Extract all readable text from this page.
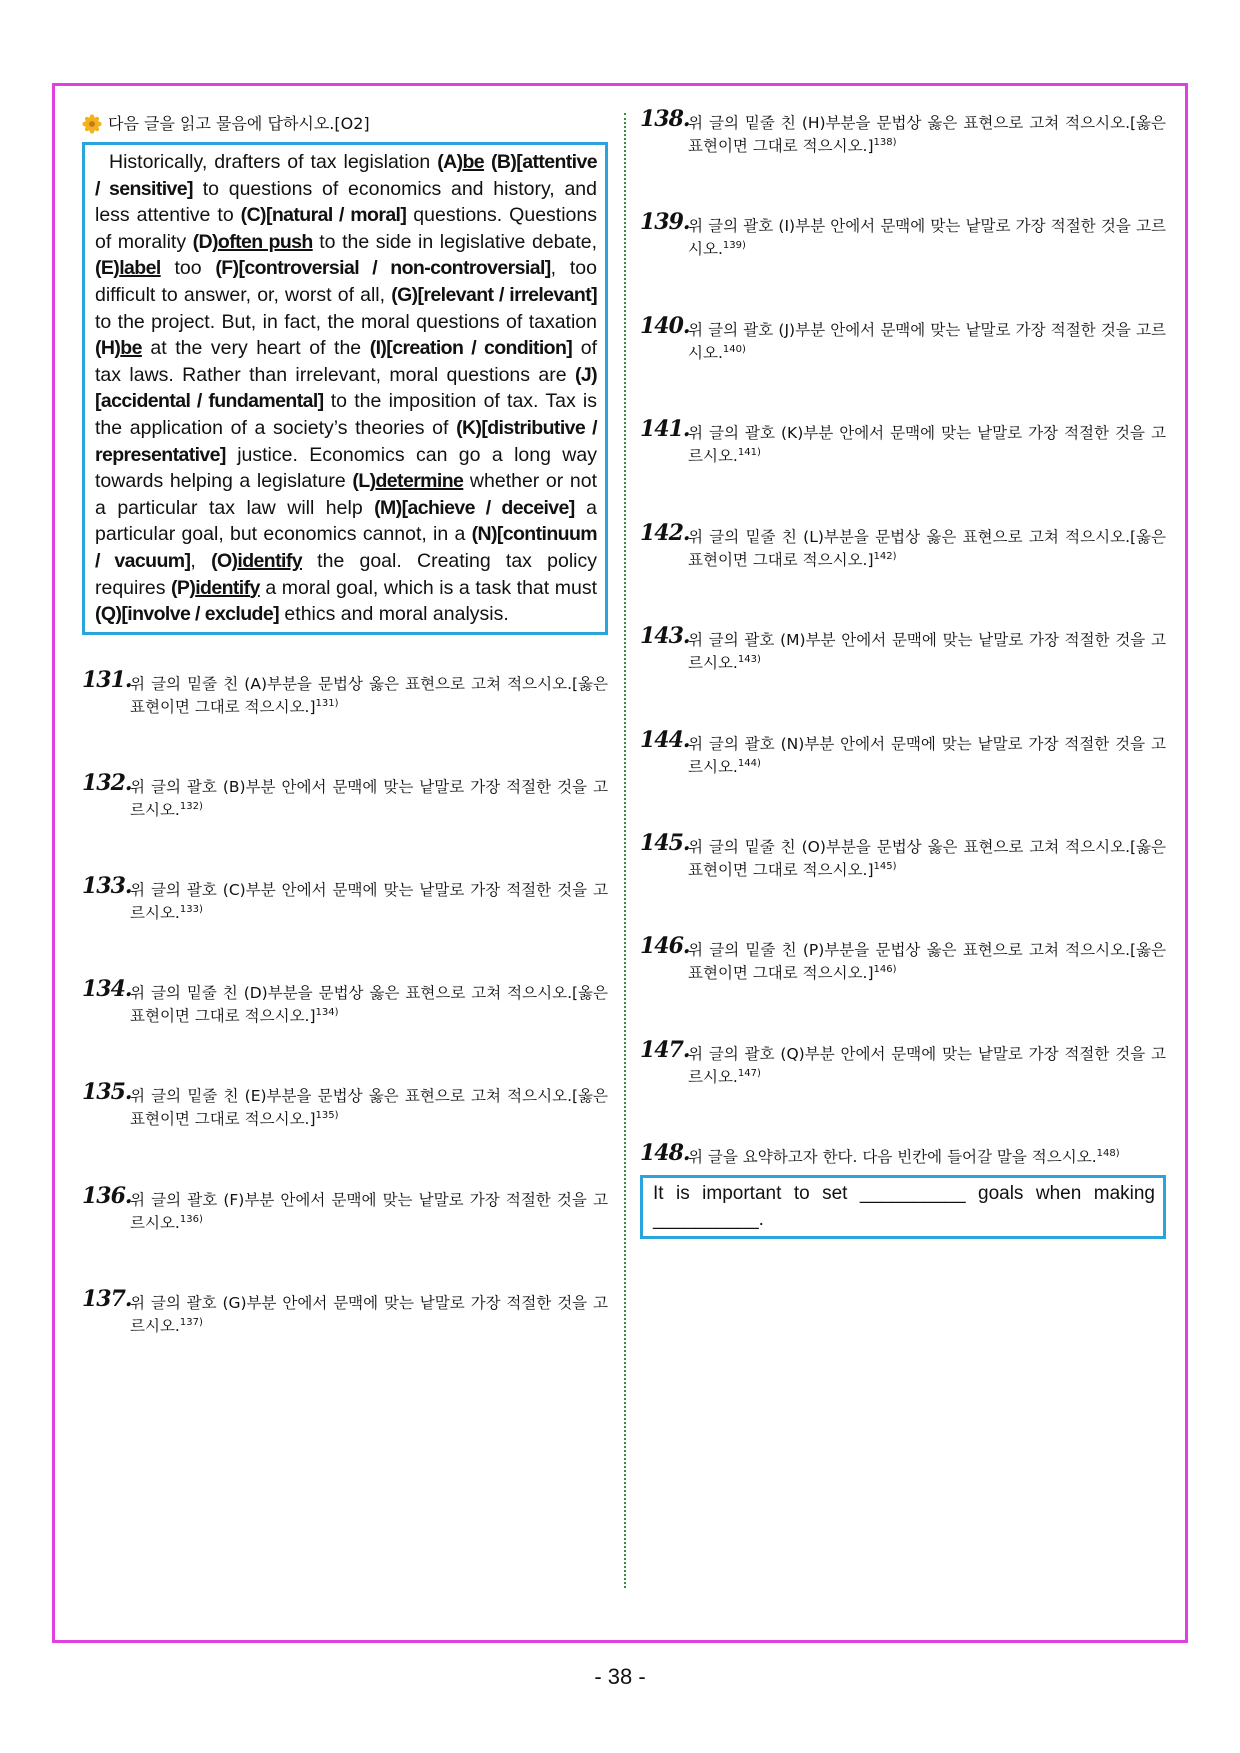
다음 글을 읽고 물음에 답하시오.[O2]
Historically, drafters of tax legislation (A)be (B)[attentive / sensitive] to questions of economics and history, and less attentive to (C)[natural / moral] questions. Questions of morality (D)often push to the side in legislative debate, (E)label too (F)[controversial / non-controversial], too difficult to answer, or, worst of all, (G)[relevant / irrelevant] to the project. But, in fact, the moral questions of taxation (H)be at the very heart of the (I)[creation / condition] of tax laws. Rather than irrelevant, moral questions are (J)[accidental / fundamental] to the imposition of tax. Tax is the application of a society’s theories of (K)[distributive / representative] justice. Economics can go a long way towards helping a legislature (L)determine whether or not a particular tax law will help (M)[achieve / deceive] a particular goal, but economics cannot, in a (N)[continuum / vacuum], (O)identify the goal. Creating tax policy requires (P)identify a moral goal, which is a task that must (Q)[involve / exclude] ethics and moral analysis.
131.
위 글의 밑줄 친 (A)부분을 문법상 옳은 표현으로 고쳐 적으시오.[옳은 표현이면 그대로 적으시오.]$^{131)}$
132.
위 글의 괄호 (B)부분 안에서 문맥에 맞는 낱말로 가장 적절한 것을 고르시오.$^{132)}$
133.
위 글의 괄호 (C)부분 안에서 문맥에 맞는 낱말로 가장 적절한 것을 고르시오.$^{133)}$
134.
위 글의 밑줄 친 (D)부분을 문법상 옳은 표현으로 고쳐 적으시오.[옳은 표현이면 그대로 적으시오.]$^{134)}$
135.
위 글의 밑줄 친 (E)부분을 문법상 옳은 표현으로 고쳐 적으시오.[옳은 표현이면 그대로 적으시오.]$^{135)}$
136.
위 글의 괄호 (F)부분 안에서 문맥에 맞는 낱말로 가장 적절한 것을 고르시오.$^{136)}$
137.
위 글의 괄호 (G)부분 안에서 문맥에 맞는 낱말로 가장 적절한 것을 고르시오.$^{137)}$
138.
위 글의 밑줄 친 (H)부분을 문법상 옳은 표현으로 고쳐 적으시오.[옳은 표현이면 그대로 적으시오.]$^{138)}$
139.
위 글의 괄호 (I)부분 안에서 문맥에 맞는 낱말로 가장 적절한 것을 고르시오.$^{139)}$
140.
위 글의 괄호 (J)부분 안에서 문맥에 맞는 낱말로 가장 적절한 것을 고르시오.$^{140)}$
141.
위 글의 괄호 (K)부분 안에서 문맥에 맞는 낱말로 가장 적절한 것을 고르시오.$^{141)}$
142.
위 글의 밑줄 친 (L)부분을 문법상 옳은 표현으로 고쳐 적으시오.[옳은 표현이면 그대로 적으시오.]$^{142)}$
143.
위 글의 괄호 (M)부분 안에서 문맥에 맞는 낱말로 가장 적절한 것을 고르시오.$^{143)}$
144.
위 글의 괄호 (N)부분 안에서 문맥에 맞는 낱말로 가장 적절한 것을 고르시오.$^{144)}$
145.
위 글의 밑줄 친 (O)부분을 문법상 옳은 표현으로 고쳐 적으시오.[옳은 표현이면 그대로 적으시오.]$^{145)}$
146.
위 글의 밑줄 친 (P)부분을 문법상 옳은 표현으로 고쳐 적으시오.[옳은 표현이면 그대로 적으시오.]$^{146)}$
147.
위 글의 괄호 (Q)부분 안에서 문맥에 맞는 낱말로 가장 적절한 것을 고르시오.$^{147)}$
148.
위 글을 요약하고자 한다. 다음 빈칸에 들어갈 말을 적으시오.$^{148)}$
It is important to set __________ goals when making __________.
- 38 -
